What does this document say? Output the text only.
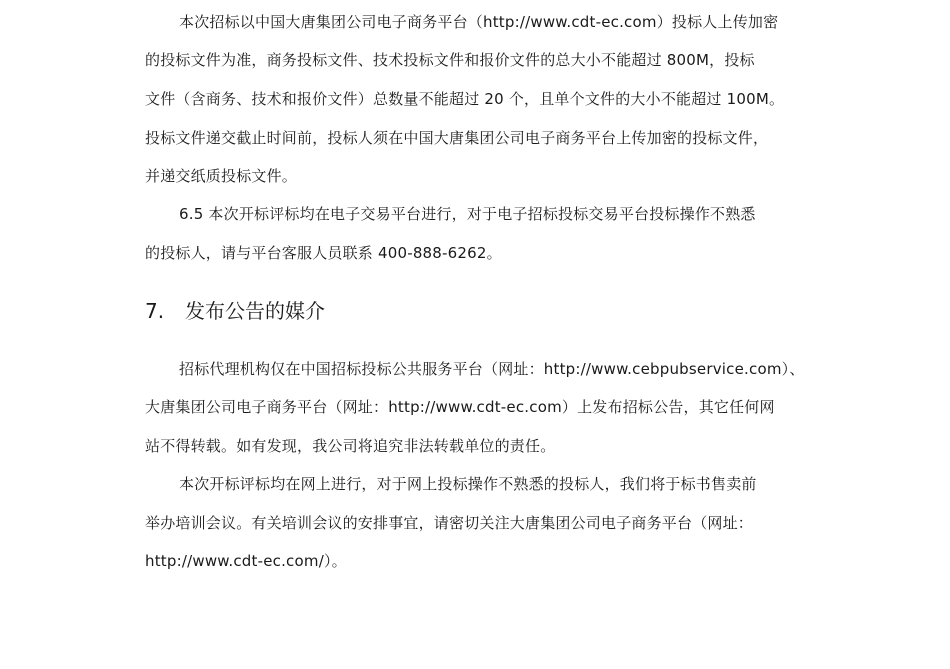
本次招标以中国大唐集团公司电子商务平台（http://www.cdt-ec.com）投标人上传加密
的投标文件为准，商务投标文件、技术投标文件和报价文件的总大小不能超过 800M，投标
文件（含商务、技术和报价文件）总数量不能超过 20 个，且单个文件的大小不能超过 100M。
投标文件递交截止时间前，投标人须在中国大唐集团公司电子商务平台上传加密的投标文件，
并递交纸质投标文件。
6.5 本次开标评标均在电子交易平台进行，对于电子招标投标交易平台投标操作不熟悉
的投标人，请与平台客服人员联系 400-888-6262。
7. 发布公告的媒介
招标代理机构仅在中国招标投标公共服务平台（网址：http://www.cebpubservice.com）、
大唐集团公司电子商务平台（网址：http://www.cdt-ec.com）上发布招标公告，其它任何网
站不得转载。如有发现，我公司将追究非法转载单位的责任。
本次开标评标均在网上进行，对于网上投标操作不熟悉的投标人，我们将于标书售卖前
举办培训会议。有关培训会议的安排事宜，请密切关注大唐集团公司电子商务平台（网址：
http://www.cdt-ec.com/）。
